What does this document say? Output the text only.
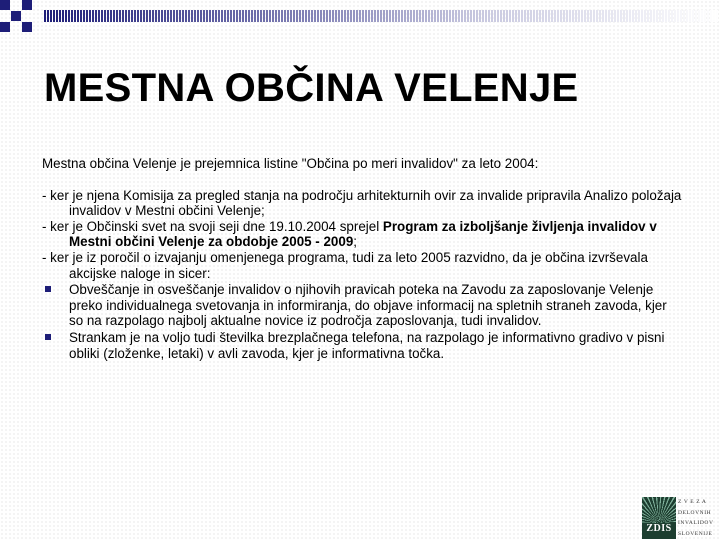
MESTNA OBČINA VELENJE

Mestna občina Velenje je prejemnica listine "Občina po meri invalidov" za leto 2004:

- ker je njena Komisija za pregled stanja na področju arhitekturnih ovir za invalide pripravila Analizo položaja invalidov v Mestni občini Velenje;

- ker je Občinski svet na svoji seji dne 19.10.2004 sprejel Program za izboljšanje življenja invalidov v Mestni občini Velenje za obdobje 2005 - 2009;

- ker je iz poročil o izvajanju omenjenega programa, tudi za leto 2005 razvidno, da je občina izvrševala akcijske naloge in sicer:

Obveščanje in osveščanje invalidov o njihovih pravicah poteka na Zavodu za zaposlovanje Velenje preko individualnega svetovanja in informiranja, do objave informacij na spletnih straneh zavoda, kjer so na razpolago najbolj aktualne novice iz področja zaposlovanja, tudi invalidov.
Strankam je na voljo tudi številka brezplačnega telefona, na razpolago je informativno gradivo v pisni obliki (zloženke, letaki) v avli zavoda, kjer je informativna točka.
ZDIS
Z V E Z A
DELOVNIH
INVALIDOV
SLOVENIJE
